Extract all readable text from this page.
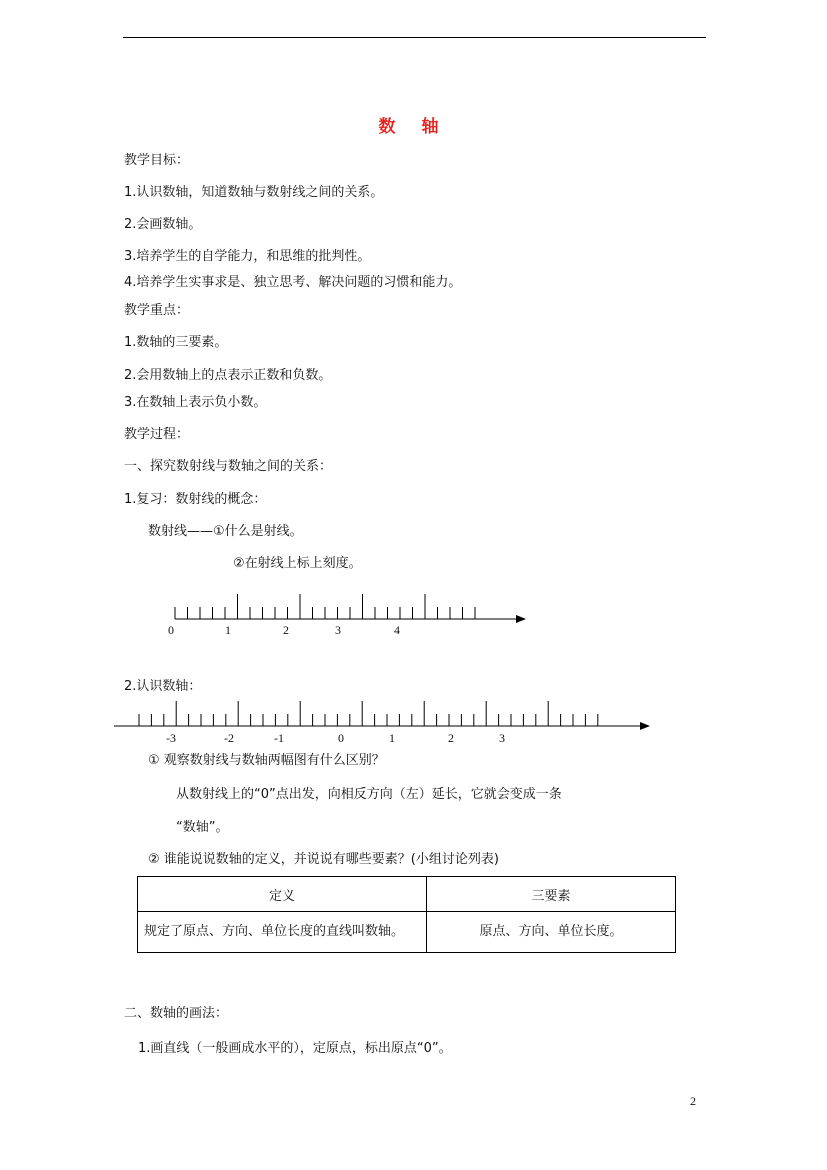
数 轴
教学目标：
1.认识数轴，知道数轴与数射线之间的关系。
2.会画数轴。
3.培养学生的自学能力，和思维的批判性。
4.培养学生实事求是、独立思考、解决问题的习惯和能力。
教学重点：
1.数轴的三要素。
2.会用数轴上的点表示正数和负数。
3.在数轴上表示负小数。
教学过程：
一、探究数射线与数轴之间的关系：
1.复习：数射线的概念：
数射线——①什么是射线。
②在射线上标上刻度。
0	1	2	3	4
-3	-2	-1	0	1	2	3
2.认识数轴：
① 观察数射线与数轴两幅图有什么区别？
从数射线上的“0”点出发，向相反方向（左）延长，它就会变成一条
“数轴”。
② 谁能说说数轴的定义，并说说有哪些要素？(小组讨论列表)
定义	三要素
规定了原点、方向、单位长度的直线叫数轴。	原点、方向、单位长度。
二、数轴的画法：
1.画直线（一般画成水平的），定原点，标出原点“0”。
2
